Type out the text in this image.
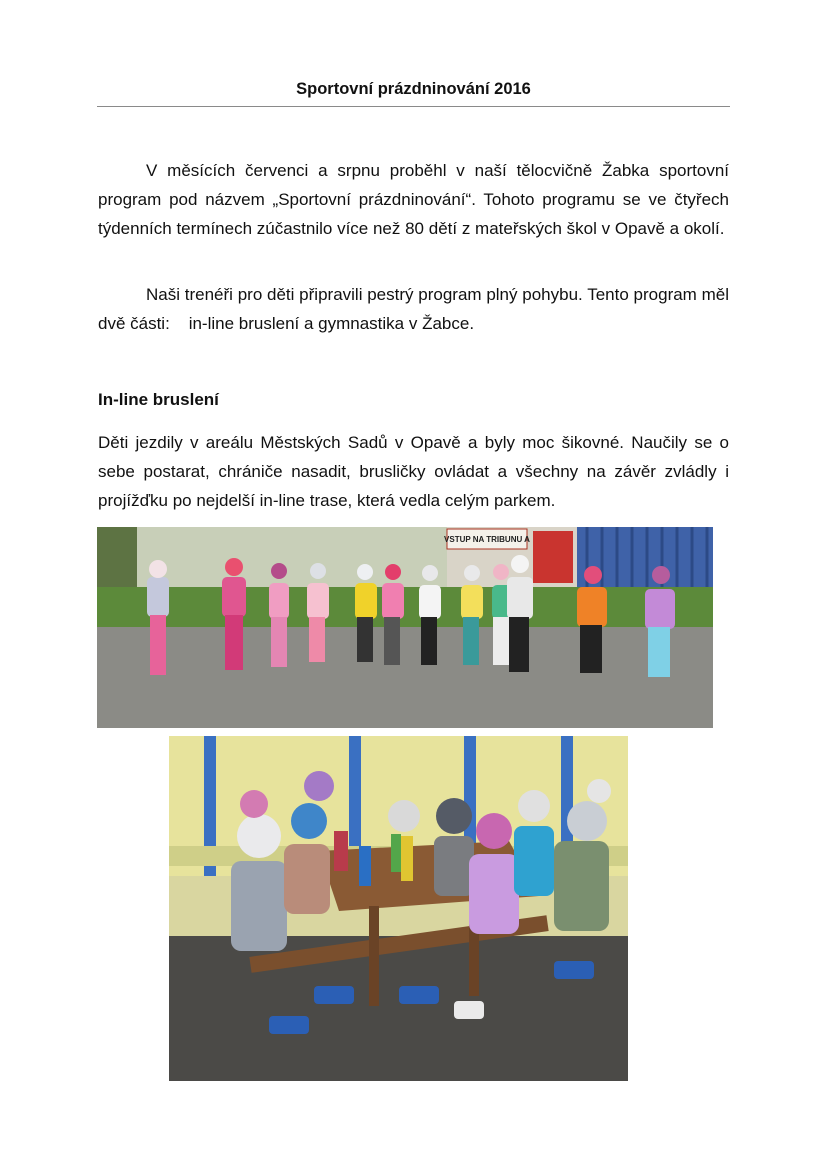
Sportovní prázdninování 2016

V měsících červenci a srpnu proběhl v naší tělocvičně Žabka sportovní program pod názvem „Sportovní prázdninování“. Tohoto programu se ve čtyřech týdenních termínech zúčastnilo více než 80 dětí z mateřských škol v Opavě a okolí.

Naši trenéři pro děti připravili pestrý program plný pohybu. Tento program měl dvě části:    in-line bruslení a gymnastika v Žabce.

In-line bruslení

Děti jezdily v areálu Městských Sadů v Opavě a byly moc šikovné. Naučily se o sebe postarat, chrániče nasadit, brusličky ovládat a všechny na závěr zvládly i projížďku po nejdelší in-line trase, která vedla celým parkem.

VSTUP NA TRIBUNU A
